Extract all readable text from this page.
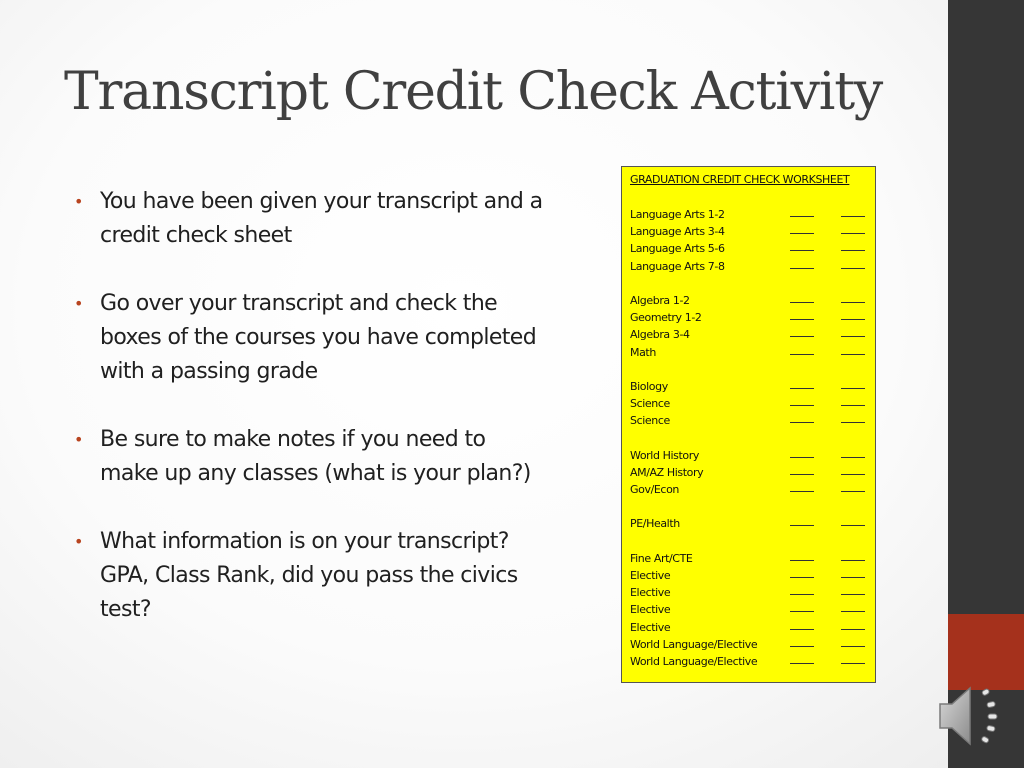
Transcript Credit Check Activity
• You have been given your transcript and a credit check sheet
• Go over your transcript and check the boxes of the courses you have completed with a passing grade
• Be sure to make notes if you need to make up any classes (what is your plan?)
• What information is on your transcript? GPA, Class Rank, did you pass the civics test?
GRADUATION CREDIT CHECK WORKSHEET
Language Arts 1-2
Language Arts 3-4
Language Arts 5-6
Language Arts 7-8
Algebra 1-2
Geometry 1-2
Algebra 3-4
Math
Biology
Science
Science
World History
AM/AZ History
Gov/Econ
PE/Health
Fine Art/CTE
Elective
Elective
Elective
Elective
World Language/Elective
World Language/Elective
